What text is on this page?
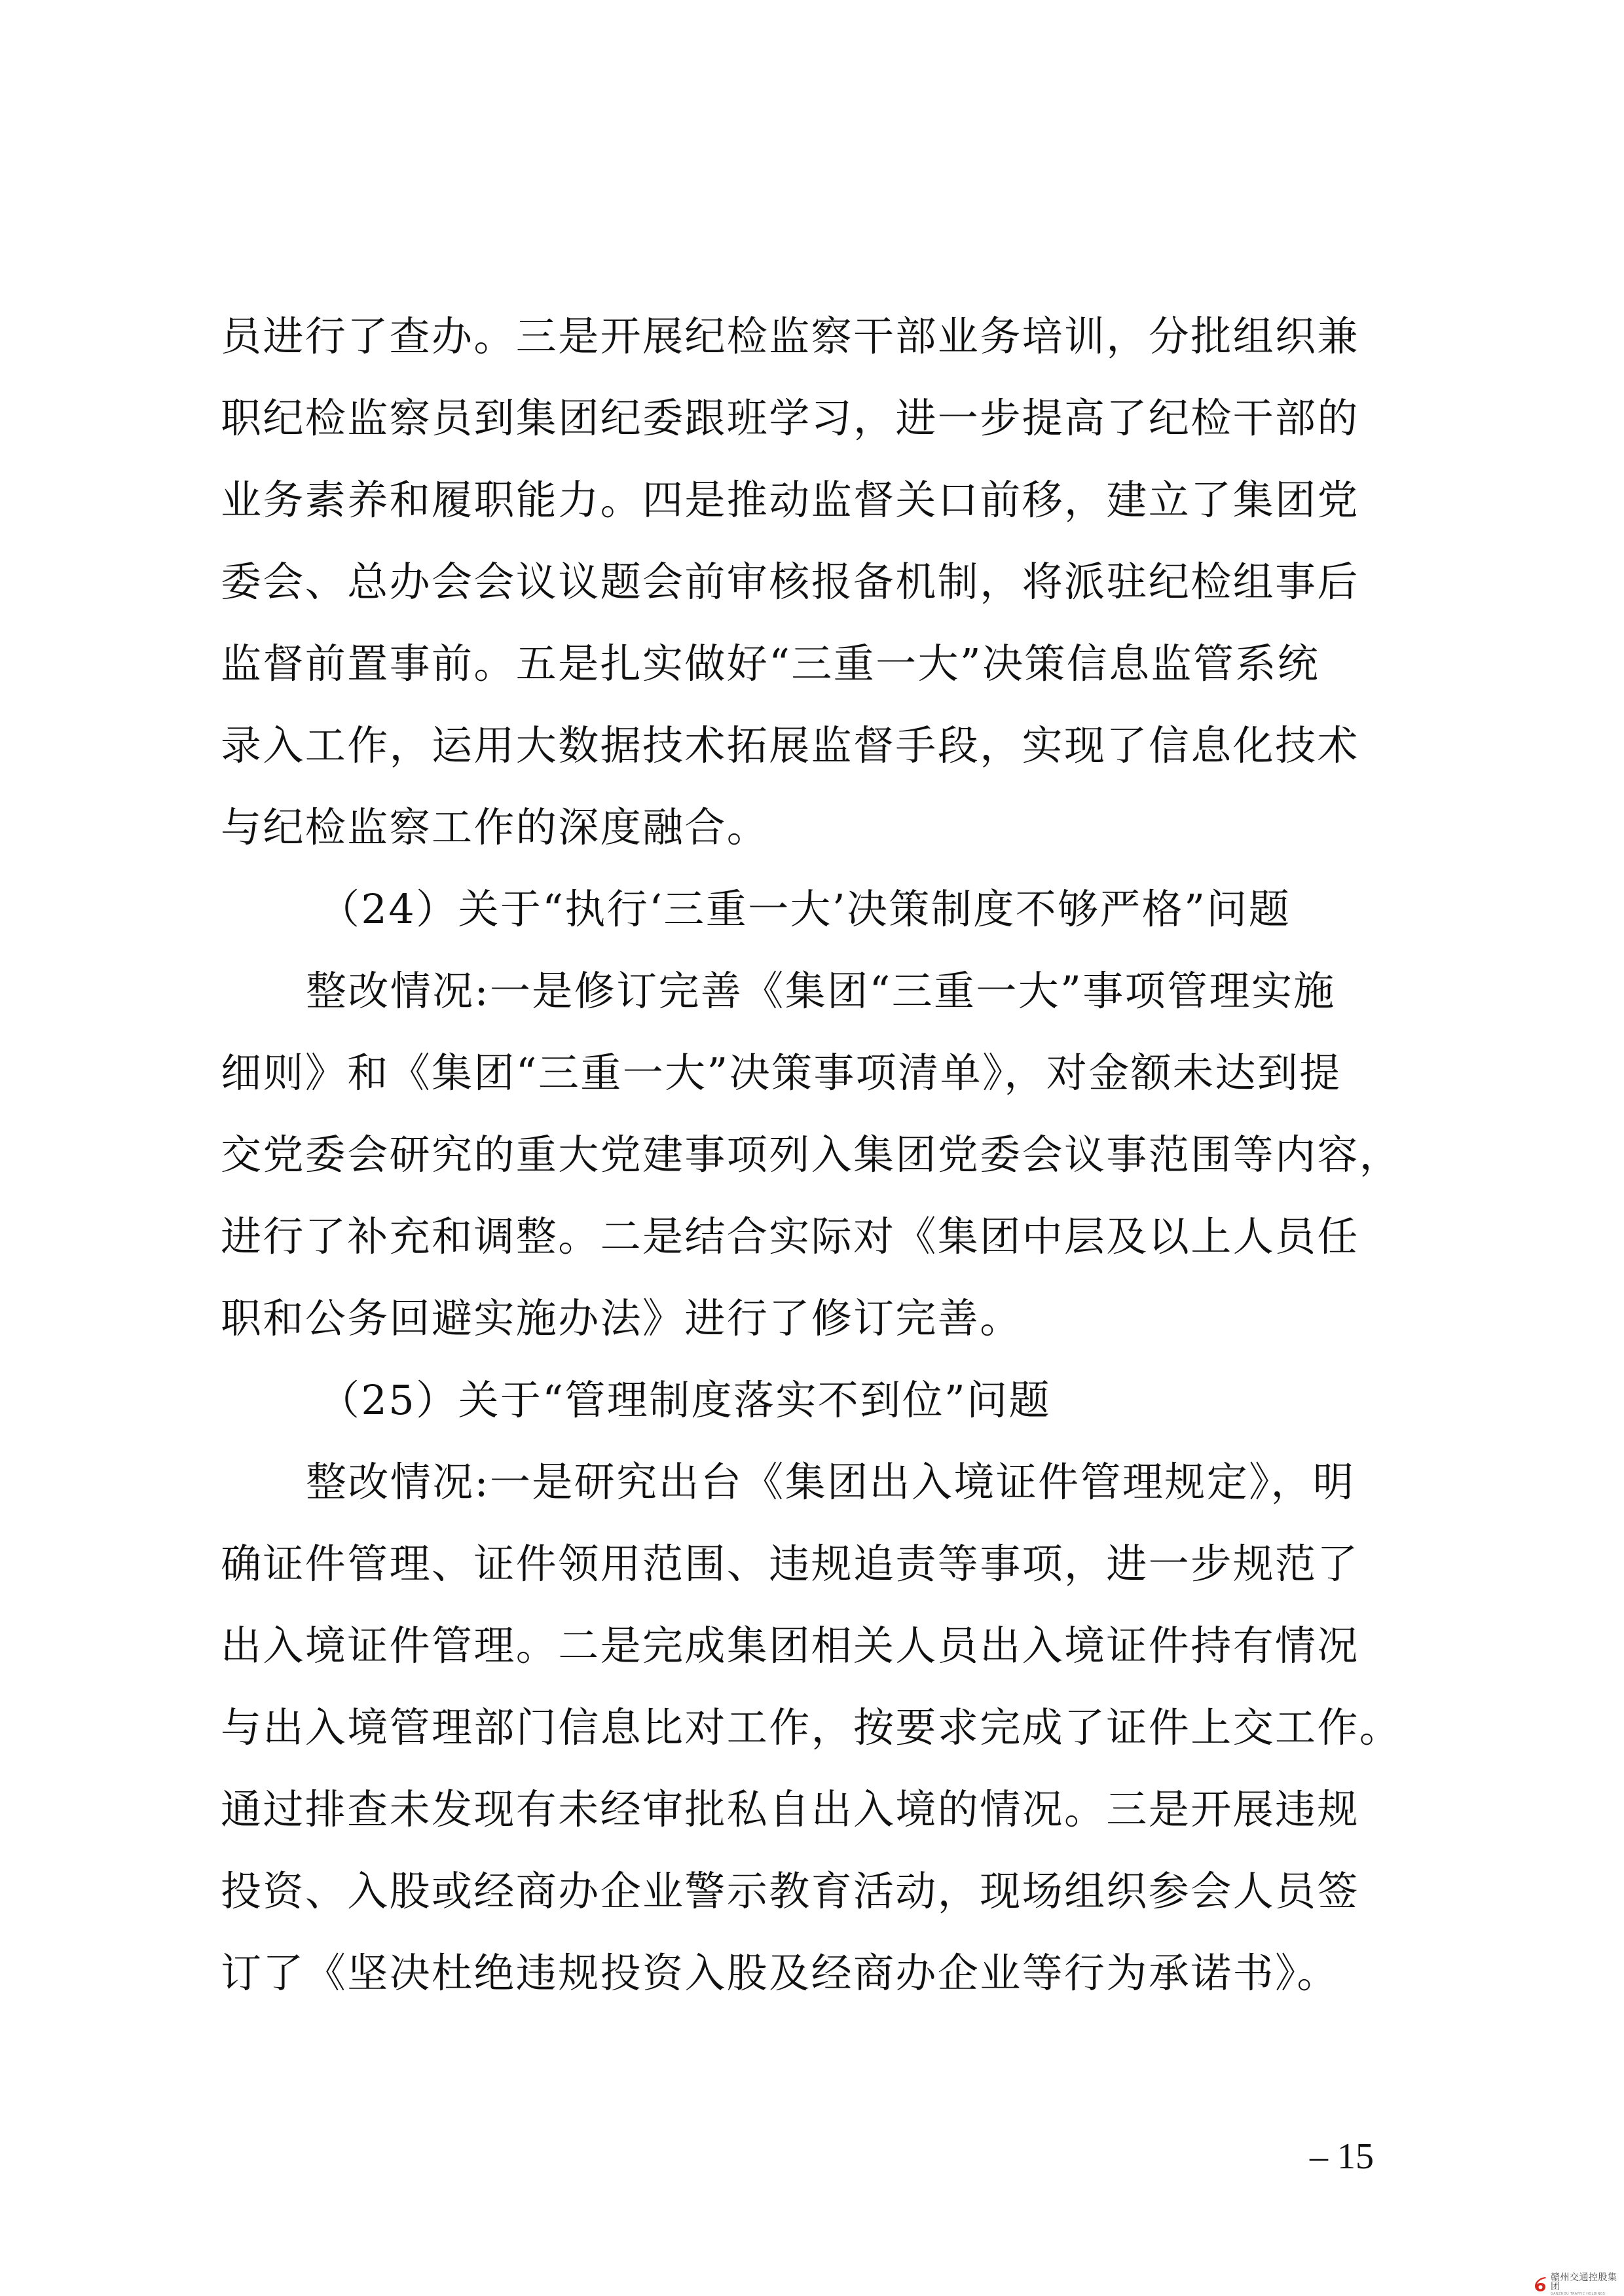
员进行了查办。三是开展纪检监察干部业务培训，分批组织兼
职纪检监察员到集团纪委跟班学习，进一步提高了纪检干部的
业务素养和履职能力。四是推动监督关口前移，建立了集团党
委会、总办会会议议题会前审核报备机制，将派驻纪检组事后
监督前置事前。五是扎实做好“三重一大”决策信息监管系统
录入工作，运用大数据技术拓展监督手段，实现了信息化技术
与纪检监察工作的深度融合。
（24）关于“执行‘三重一大’决策制度不够严格”问题
整改情况:一是修订完善《集团“三重一大”事项管理实施
细则》和《集团“三重一大”决策事项清单》，对金额未达到提
交党委会研究的重大党建事项列入集团党委会议事范围等内容，
进行了补充和调整。二是结合实际对《集团中层及以上人员任
职和公务回避实施办法》进行了修订完善。
（25）关于“管理制度落实不到位”问题
整改情况:一是研究出台《集团出入境证件管理规定》，明
确证件管理、证件领用范围、违规追责等事项，进一步规范了
出入境证件管理。二是完成集团相关人员出入境证件持有情况
与出入境管理部门信息比对工作，按要求完成了证件上交工作。
通过排查未发现有未经审批私自出入境的情况。三是开展违规
投资、入股或经商办企业警示教育活动，现场组织参会人员签
订了《坚决杜绝违规投资入股及经商办企业等行为承诺书》。
– 15
赣州交通控股集团
GANZHOU TRAFFIC HOLDINGS
